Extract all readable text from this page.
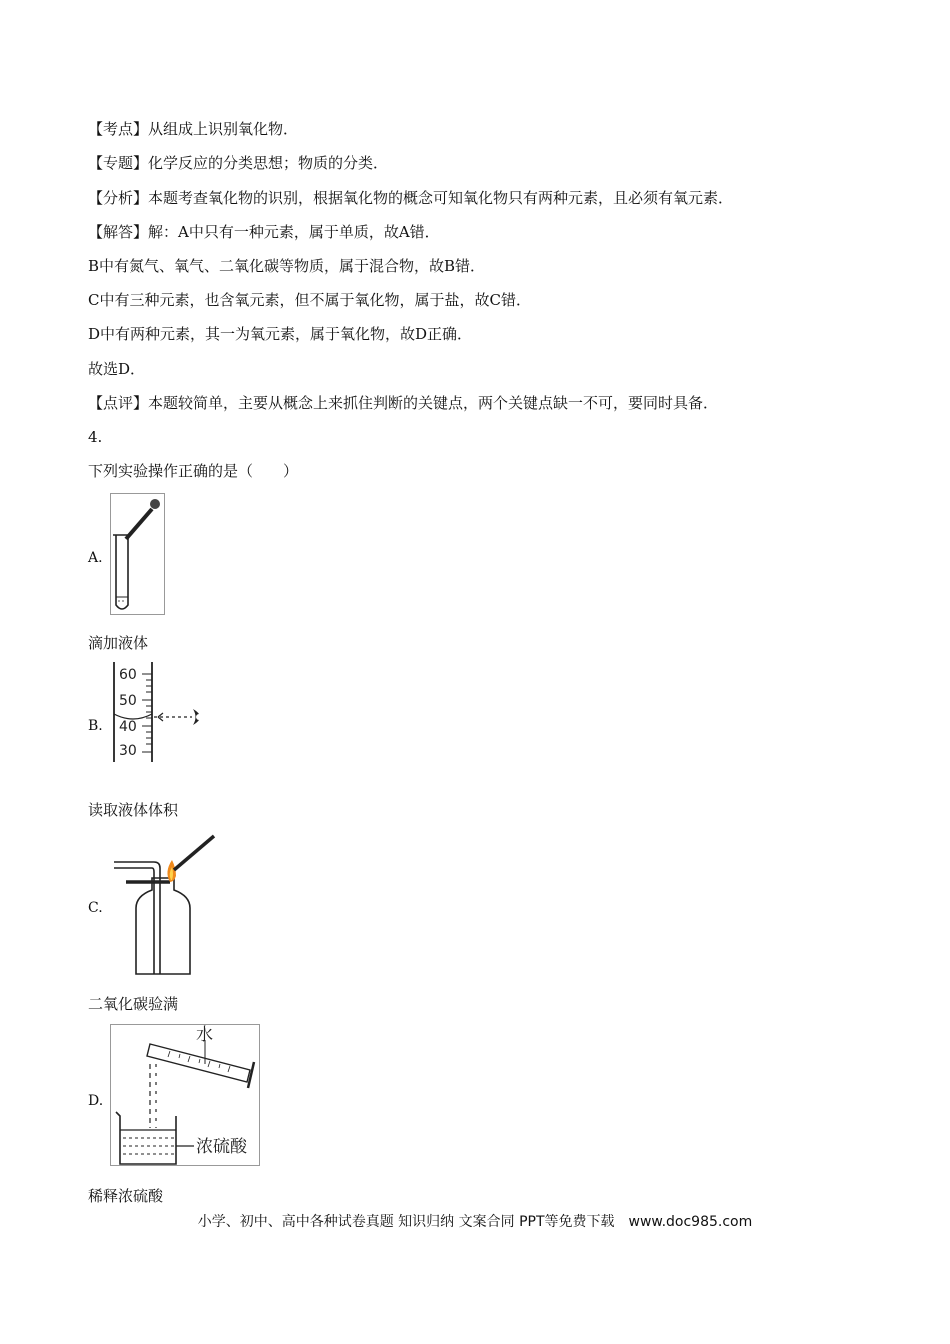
【考点】从组成上识别氧化物．
【专题】化学反应的分类思想；物质的分类．
【分析】本题考查氧化物的识别，根据氧化物的概念可知氧化物只有两种元素，且必须有氧元素．
【解答】解：A中只有一种元素，属于单质，故A错．
B中有氮气、氧气、二氧化碳等物质，属于混合物，故B错．
C中有三种元素，也含氧元素，但不属于氧化物，属于盐，故C错．
D中有两种元素，其一为氧元素，属于氧化物，故D正确．
故选D．
【点评】本题较简单，主要从概念上来抓住判断的关键点，两个关键点缺一不可，要同时具备．
4.
下列实验操作正确的是（　　）
A.
滴加液体
B.
60
50
40
30
读取液体体积
C.
二氧化碳验满
D.
水
浓硫酸
稀释浓硫酸
小学、初中、高中各种试卷真题 知识归纳 文案合同 PPT等免费下载　www.doc985.com
